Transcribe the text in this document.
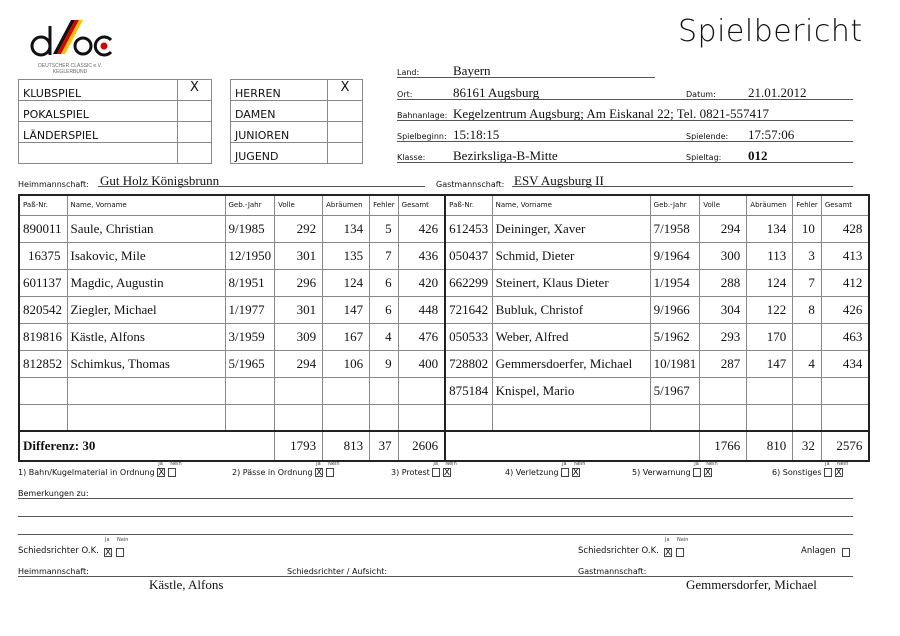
DEUTSCHER CLASSIC e.V.
KEGLERBUND
Spielbericht
KLUBSPIEL	X
POKALSPIEL	
LÄNDERSPIEL	

HERREN	X
DAMEN	
JUNIOREN	
JUGEND	
Land:	Bayern
Ort:	86161 Augsburg	Datum: 21.01.2012
Bahnanlage: Kegelzentrum Augsburg; Am Eiskanal 22; Tel. 0821-557417
Spielbeginn: 15:18:15	Spielende: 17:57:06
Klasse: Bezirksliga-B-Mitte	Spieltag: 012
Heimmannschaft: Gut Holz Königsbrunn	Gastmannschaft: ESV Augsburg II
Paß-Nr.	Name, Vorname	Geb.-Jahr	Volle	Abräumen	Fehler	Gesamt	Paß-Nr.	Name, Vorname	Geb.-Jahr	Volle	Abräumen	Fehler	Gesamt
890011	Saule, Christian	9/1985	292	134	5	426	612453	Deininger, Xaver	7/1958	294	134	10	428
16375	Isakovic, Mile	12/1950	301	135	7	436	050437	Schmid, Dieter	9/1964	300	113	3	413
601137	Magdic, Augustin	8/1951	296	124	6	420	662299	Steinert, Klaus Dieter	1/1954	288	124	7	412
820542	Ziegler, Michael	1/1977	301	147	6	448	721642	Bubluk, Christof	9/1966	304	122	8	426
819816	Kästle, Alfons	3/1959	309	167	4	476	050533	Weber, Alfred	5/1962	293	170		463
812852	Schimkus, Thomas	5/1965	294	106	9	400	728802	Gemmersdoerfer, Michael	10/1981	287	147	4	434
							875184	Knispel, Mario	5/1967				

Differenz: 30			1793	813	37	2606				1766	810	32	2576
1) Bahn/Kugelmaterial in Ordnung
Ja Nein
X	2) Pässe in Ordnung
Ja Nein
X	3) Protest
Ja Nein
X	4) Verletzung
Ja Nein
X	5) Verwarnung
Ja Nein
X	6) Sonstiges
Ja Nein
X
Bemerkungen zu:
Schiedsrichter O.K.
Ja Nein
X	Schiedsrichter O.K.
Ja Nein
X	Anlagen
Heimmannschaft:	Schiedsrichter / Aufsicht:	Gastmannschaft:
Kästle, Alfons	Gemmersdorfer, Michael
